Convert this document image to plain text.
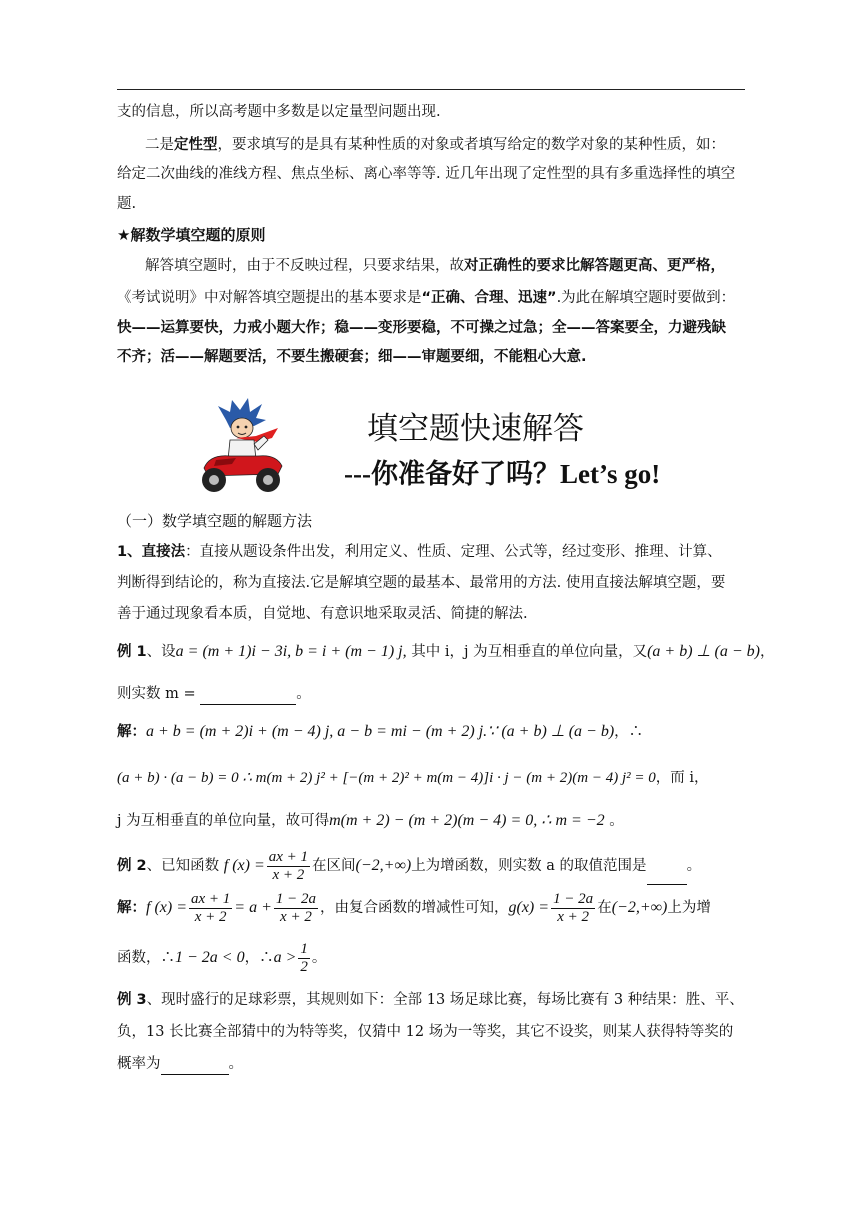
支的信息，所以高考题中多数是以定量型问题出现.
二是定性型，要求填写的是具有某种性质的对象或者填写给定的数学对象的某种性质，如：
给定二次曲线的准线方程、焦点坐标、离心率等等. 近几年出现了定性型的具有多重选择性的填空
题.
★解数学填空题的原则
解答填空题时，由于不反映过程，只要求结果，故对正确性的要求比解答题更高、更严格，
《考试说明》中对解答填空题提出的基本要求是“正确、合理、迅速”.为此在解填空题时要做到：
快——运算要快，力戒小题大作；稳——变形要稳，不可操之过急；全——答案要全，力避残缺
不齐；活——解题要活，不要生搬硬套；细——审题要细，不能粗心大意.
填空题快速解答
---你准备好了吗？Let’s go!
（一）数学填空题的解题方法
1、直接法：直接从题设条件出发，利用定义、性质、定理、公式等，经过变形、推理、计算、
判断得到结论的，称为直接法.它是解填空题的最基本、最常用的方法. 使用直接法解填空题，要
善于通过现象看本质，自觉地、有意识地采取灵活、简捷的解法.
例 1、设a = (m + 1)i − 3i, b = i + (m − 1) j, 其中 i，j 为互相垂直的单位向量，又(a + b) ⊥ (a − b)，
则实数 m =	。
解：a + b = (m + 2)i + (m − 4) j, a − b = mi − (m + 2) j.∵ (a + b) ⊥ (a − b)，∴
(a + b) · (a − b) = 0 ∴ m(m + 2) j² + [−(m + 2)² + m(m − 4)]i · j − (m + 2)(m − 4) j² = 0，而 i，
j 为互相垂直的单位向量，故可得m(m + 2) − (m + 2)(m − 4) = 0, ∴ m = −2 。
例 2、已知函数 f $(x) = \frac{ax + 1}{x + 2}$ 在区间(−2,+∞)上为增函数，则实数 a 的取值范围是	。
解：f $(x) = \frac{ax + 1}{x + 2} = a + \frac{1 - 2a}{x + 2}$ ，由复合函数的增减性可知，$g(x) = \frac{1 - 2a}{x + 2}$ 在(−2,+∞)上为增
函数，∴1 − 2a < 0，∴a > $\frac{1}{2}$ 。
例 3、现时盛行的足球彩票，其规则如下：全部 13 场足球比赛，每场比赛有 3 种结果：胜、平、
负，13 长比赛全部猜中的为特等奖，仅猜中 12 场为一等奖，其它不设奖，则某人获得特等奖的
概率为	。
